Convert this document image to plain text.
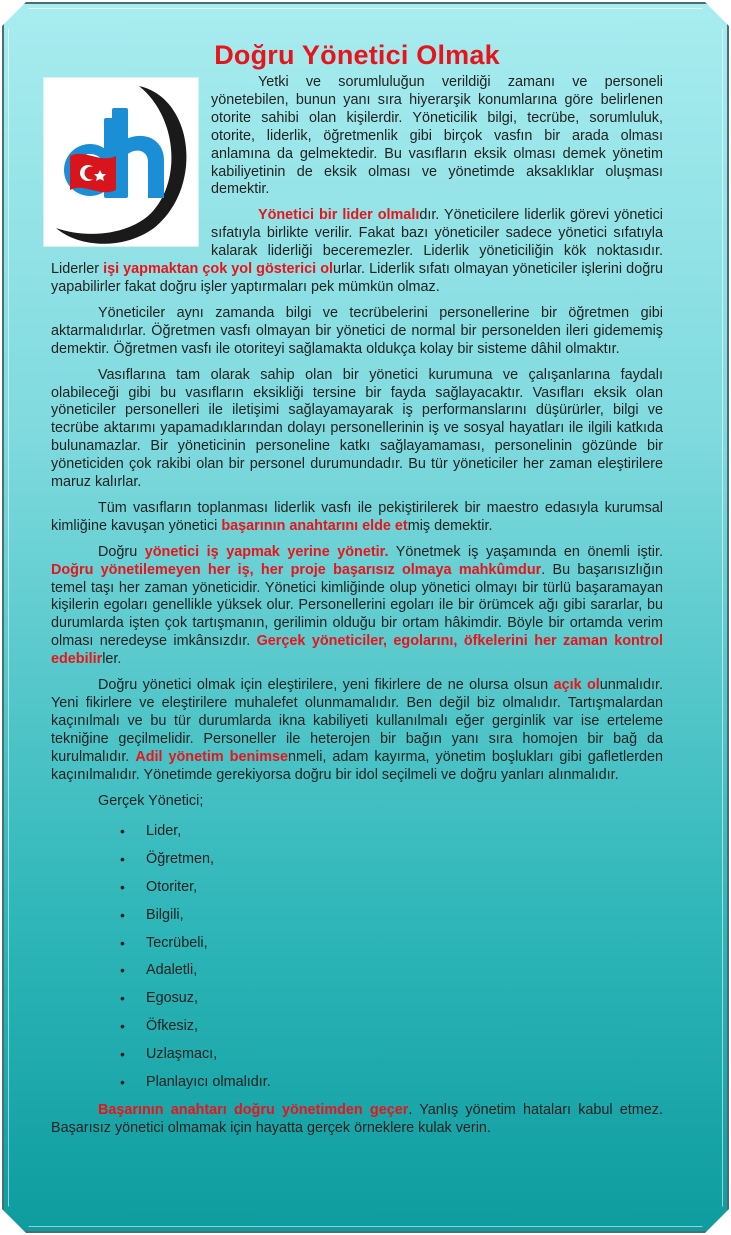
Doğru Yönetici Olmak

Yetki ve sorumluluğun verildiği zamanı ve personeli yönetebilen, bunun yanı sıra hiyerarşik konumlarına göre belirlenen otorite sahibi olan kişilerdir. Yöneticilik bilgi, tecrübe, sorumluluk, otorite, liderlik, öğretmenlik gibi birçok vasfın bir arada olması anlamına da gelmektedir. Bu vasıfların eksik olması demek yönetim kabiliyetinin de eksik olması ve yönetimde aksaklıklar oluşması demektir.

Yönetici bir lider olmalıdır. Yöneticilere liderlik görevi yönetici sıfatıyla birlikte verilir. Fakat bazı yöneticiler sadece yönetici sıfatıyla kalarak liderliği beceremezler. Liderlik yöneticiliğin kök noktasıdır. Liderler işi yapmaktan çok yol gösterici olurlar. Liderlik sıfatı olmayan yöneticiler işlerini doğru yapabilirler fakat doğru işler yaptırmaları pek mümkün olmaz.

Yöneticiler aynı zamanda bilgi ve tecrübelerini personellerine bir öğretmen gibi aktarmalıdırlar. Öğretmen vasfı olmayan bir yönetici de normal bir personelden ileri gidememiş demektir. Öğretmen vasfı ile otoriteyi sağlamakta oldukça kolay bir sisteme dâhil olmaktır.

Vasıflarına tam olarak sahip olan bir yönetici kurumuna ve çalışanlarına faydalı olabileceği gibi bu vasıfların eksikliği tersine bir fayda sağlayacaktır. Vasıfları eksik olan yöneticiler personelleri ile iletişimi sağlayamayarak iş performanslarını düşürürler, bilgi ve tecrübe aktarımı yapamadıklarından dolayı personellerinin iş ve sosyal hayatları ile ilgili katkıda bulunamazlar. Bir yöneticinin personeline katkı sağlayamaması, personelinin gözünde bir yöneticiden çok rakibi olan bir personel durumundadır. Bu tür yöneticiler her zaman eleştirilere maruz kalırlar.

Tüm vasıfların toplanması liderlik vasfı ile pekiştirilerek bir maestro edasıyla kurumsal kimliğine kavuşan yönetici başarının anahtarını elde etmiş demektir.

Doğru yönetici iş yapmak yerine yönetir. Yönetmek iş yaşamında en önemli iştir. Doğru yönetilemeyen her iş, her proje başarısız olmaya mahkûmdur. Bu başarısızlığın temel taşı her zaman yöneticidir. Yönetici kimliğinde olup yönetici olmayı bir türlü başaramayan kişilerin egoları genellikle yüksek olur. Personellerini egoları ile bir örümcek ağı gibi sararlar, bu durumlarda işten çok tartışmanın, gerilimin olduğu bir ortam hâkimdir. Böyle bir ortamda verim olması neredeyse imkânsızdır. Gerçek yöneticiler, egolarını, öfkelerini her zaman kontrol edebilirler.

Doğru yönetici olmak için eleştirilere, yeni fikirlere de ne olursa olsun açık olunmalıdır. Yeni fikirlere ve eleştirilere muhalefet olunmamalıdır. Ben değil biz olmalıdır. Tartışmalardan kaçınılmalı ve bu tür durumlarda ikna kabiliyeti kullanılmalı eğer gerginlik var ise erteleme tekniğine geçilmelidir. Personeller ile heterojen bir bağın yanı sıra homojen bir bağ da kurulmalıdır. Adil yönetim benimsenmeli, adam kayırma, yönetim boşlukları gibi gafletlerden kaçınılmalıdır. Yönetimde gerekiyorsa doğru bir idol seçilmeli ve doğru yanları alınmalıdır.

Gerçek Yönetici;

• Lider,
• Öğretmen,
• Otoriter,
• Bilgili,
• Tecrübeli,
• Adaletli,
• Egosuz,
• Öfkesiz,
• Uzlaşmacı,
• Planlayıcı olmalıdır.

Başarının anahtarı doğru yönetimden geçer. Yanlış yönetim hataları kabul etmez. Başarısız yönetici olmamak için hayatta gerçek örneklere kulak verin.
